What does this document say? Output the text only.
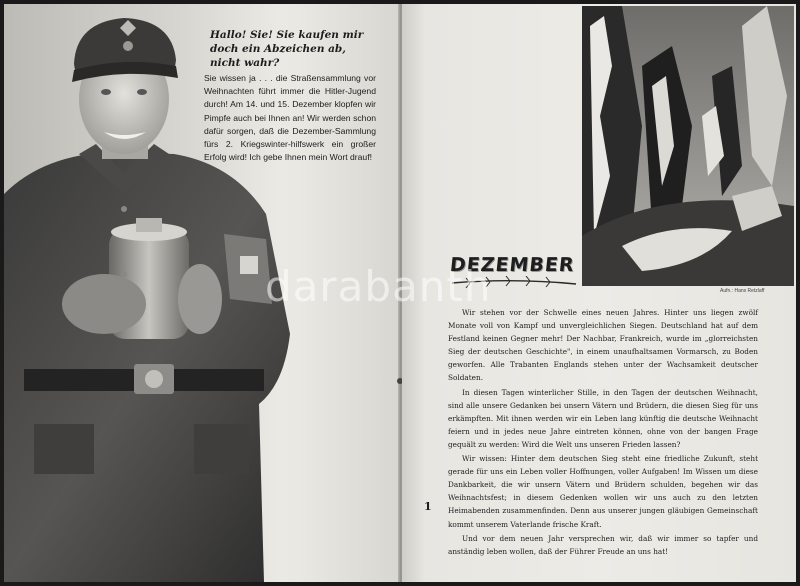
Hallo! Sie! Sie kaufen mir doch ein Abzeichen ab, nicht wahr?
Sie wissen ja . . . die Straßensammlung vor Weihnachten führt immer die Hitler-Jugend durch! Am 14. und 15. Dezember klopfen wir Pimpfe auch bei Ihnen an! Wir werden schon dafür sorgen, daß die Dezember-Sammlung fürs 2. Kriegswinter-hilfswerk ein großer Erfolg wird! Ich gebe Ihnen mein Wort drauf!
Aufn.: Hans Retzlaff
DEZEMBER

Wir stehen vor der Schwelle eines neuen Jahres. Hinter uns liegen zwölf Monate voll von Kampf und unvergleichlichen Siegen. Deutschland hat auf dem Festland keinen Gegner mehr! Der Nachbar, Frankreich, wurde im „glorreichsten Sieg der deutschen Geschichte", in einem unaufhaltsamen Vormarsch, zu Boden geworfen. Alle Trabanten Englands stehen unter der Wachsamkeit deutscher Soldaten.

In diesen Tagen winterlicher Stille, in den Tagen der deutschen Weihnacht, sind alle unsere Gedanken bei unsern Vätern und Brüdern, die diesen Sieg für uns erkämpften. Mit ihnen werden wir ein Leben lang künftig die deutsche Weihnacht feiern und in jedes neue Jahre eintreten können, ohne von der bangen Frage gequält zu werden: Wird die Welt uns unseren Frieden lassen?

Wir wissen: Hinter dem deutschen Sieg steht eine friedliche Zukunft, steht gerade für uns ein Leben voller Hoffnungen, voller Aufgaben! Im Wissen um diese Dankbarkeit, die wir unsern Vätern und Brüdern schulden, begehen wir das Weihnachtsfest; in diesem Gedenken wollen wir uns auch zu den letzten Heimabenden zusammenfinden. Denn aus unserer jungen gläubigen Gemeinschaft kommt unserem Vaterlande frische Kraft.

Und vor dem neuen Jahr versprechen wir, daß wir immer so tapfer und anständig leben wollen, daß der Führer Freude an uns hat!

1
darabanth
